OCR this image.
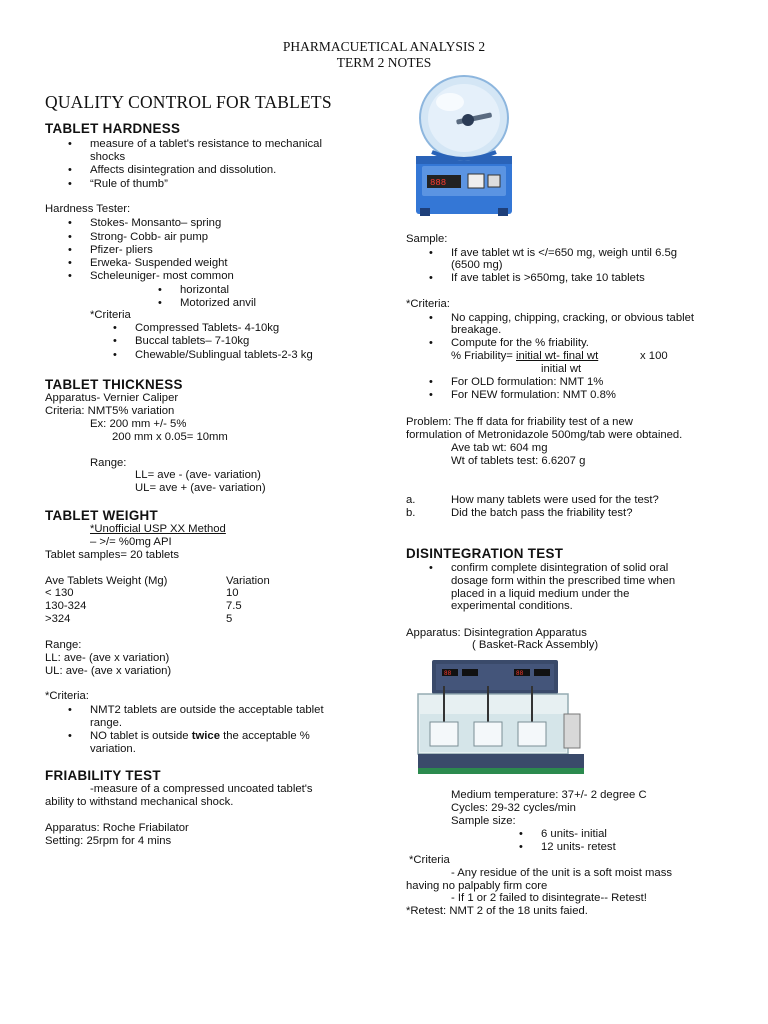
PHARMACUETICAL ANALYSIS 2
TERM 2 NOTES
QUALITY CONTROL FOR TABLETS
TABLET HARDNESS
• measure of a tablet's resistance to mechanical
shocks
• Affects disintegration and dissolution.
• “Rule of thumb”
Hardness Tester:
• Stokes- Monsanto– spring
• Strong- Cobb- air pump
• Pfizer- pliers
• Erweka- Suspended weight
• Scheleuniger- most common
• horizontal
• Motorized anvil
*Criteria
• Compressed Tablets- 4-10kg
• Buccal tablets– 7-10kg
• Chewable/Sublingual tablets-2-3 kg
TABLET THICKNESS
Apparatus- Vernier Caliper
Criteria: NMT5% variation
Ex: 200 mm +/- 5%
200 mm x 0.05= 10mm
Range:
LL= ave - (ave- variation)
UL= ave + (ave- variation)
TABLET WEIGHT
*Unofficial USP XX Method
– >/= %0mg API
Tablet samples= 20 tablets
Ave Tablets Weight (Mg)	Variation
< 130	10
130-324	7.5
>324	5
Range:
LL: ave- (ave x variation)
UL: ave- (ave x variation)
*Criteria:
• NMT2 tablets are outside the acceptable tablet
range.
• NO tablet is outside twice the acceptable %
variation.
FRIABILITY TEST
-measure of a compressed uncoated tablet's
ability to withstand mechanical shock.
Apparatus: Roche Friabilator
Setting: 25rpm for 4 mins
888
Sample:
• If ave tablet wt is </=650 mg, weigh until 6.5g
(6500 mg)
• If ave tablet is >650mg, take 10 tablets
*Criteria:
• No capping, chipping, cracking, or obvious tablet
breakage.
• Compute for the % friability.
% Friability= initial wt- final wt	x 100
initial wt
• For OLD formulation: NMT 1%
• For NEW formulation: NMT 0.8%
Problem: The ff data for friability test of a new
formulation of Metronidazole 500mg/tab were obtained.
Ave tab wt: 604 mg
Wt of tablets test: 6.6207 g
a.	How many tablets were used for the test?
b.	Did the batch pass the friability test?
DISINTEGRATION TEST
• confirm complete disintegration of solid oral
dosage form within the prescribed time when
placed in a liquid medium under the
experimental conditions.
Apparatus: Disintegration Apparatus
( Basket-Rack Assembly)
88	88
Medium temperature: 37+/- 2 degree C
Cycles: 29-32 cycles/min
Sample size:
• 6 units- initial
• 12 units- retest
*Criteria
- Any residue of the unit is a soft moist mass
having no palpably firm core
- If 1 or 2 failed to disintegrate-- Retest!
*Retest: NMT 2 of the 18 units faied.
